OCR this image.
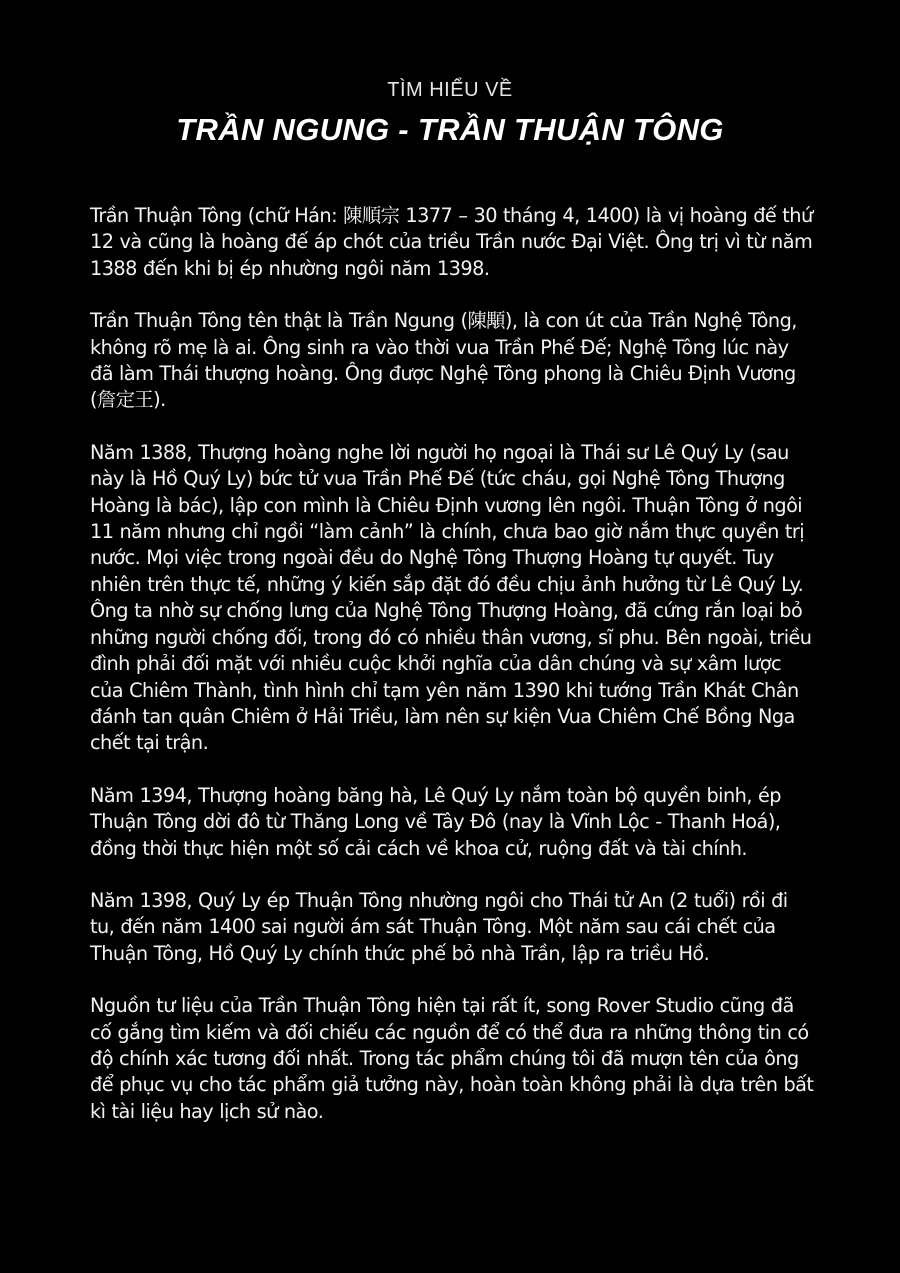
TÌM HIỂU VỀ
TRẦN NGUNG - TRẦN THUẬN TÔNG

Trần Thuận Tông (chữ Hán: 陳順宗 1377 – 30 tháng 4, 1400) là vị hoàng đế thứ 12 và cũng là hoàng đế áp chót của triều Trần nước Đại Việt. Ông trị vì từ năm 1388 đến khi bị ép nhường ngôi năm 1398.

Trần Thuận Tông tên thật là Trần Ngung (陳顒), là con út của Trần Nghệ Tông, không rõ mẹ là ai. Ông sinh ra vào thời vua Trần Phế Đế; Nghệ Tông lúc này đã làm Thái thượng hoàng. Ông được Nghệ Tông phong là Chiêu Định Vương (詹定王).

Năm 1388, Thượng hoàng nghe lời người họ ngoại là Thái sư Lê Quý Ly (sau này là Hồ Quý Ly) bức tử vua Trần Phế Đế (tức cháu, gọi Nghệ Tông Thượng Hoàng là bác), lập con mình là Chiêu Định vương lên ngôi. Thuận Tông ở ngôi 11 năm nhưng chỉ ngồi “làm cảnh” là chính, chưa bao giờ nắm thực quyền trị nước. Mọi việc trong ngoài đều do Nghệ Tông Thượng Hoàng tự quyết. Tuy nhiên trên thực tế, những ý kiến sắp đặt đó đều chịu ảnh hưởng từ Lê Quý Ly. Ông ta nhờ sự chống lưng của Nghệ Tông Thượng Hoàng, đã cứng rắn loại bỏ những người chống đối, trong đó có nhiều thân vương, sĩ phu. Bên ngoài, triều đình phải đối mặt với nhiều cuộc khởi nghĩa của dân chúng và sự xâm lược của Chiêm Thành, tình hình chỉ tạm yên năm 1390 khi tướng Trần Khát Chân đánh tan quân Chiêm ở Hải Triều, làm nên sự kiện Vua Chiêm Chế Bồng Nga chết tại trận.

Năm 1394, Thượng hoàng băng hà, Lê Quý Ly nắm toàn bộ quyền binh, ép Thuận Tông dời đô từ Thăng Long về Tây Đô (nay là Vĩnh Lộc - Thanh Hoá), đồng thời thực hiện một số cải cách về khoa cử, ruộng đất và tài chính.

Năm 1398, Quý Ly ép Thuận Tông nhường ngôi cho Thái tử An (2 tuổi) rồi đi tu, đến năm 1400 sai người ám sát Thuận Tông. Một năm sau cái chết của Thuận Tông, Hồ Quý Ly chính thức phế bỏ nhà Trần, lập ra triều Hồ.

Nguồn tư liệu của Trần Thuận Tông hiện tại rất ít, song Rover Studio cũng đã cố gắng tìm kiếm và đối chiếu các nguồn để có thể đưa ra những thông tin có độ chính xác tương đối nhất. Trong tác phẩm chúng tôi đã mượn tên của ông để phục vụ cho tác phẩm giả tưởng này, hoàn toàn không phải là dựa trên bất kì tài liệu hay lịch sử nào.
